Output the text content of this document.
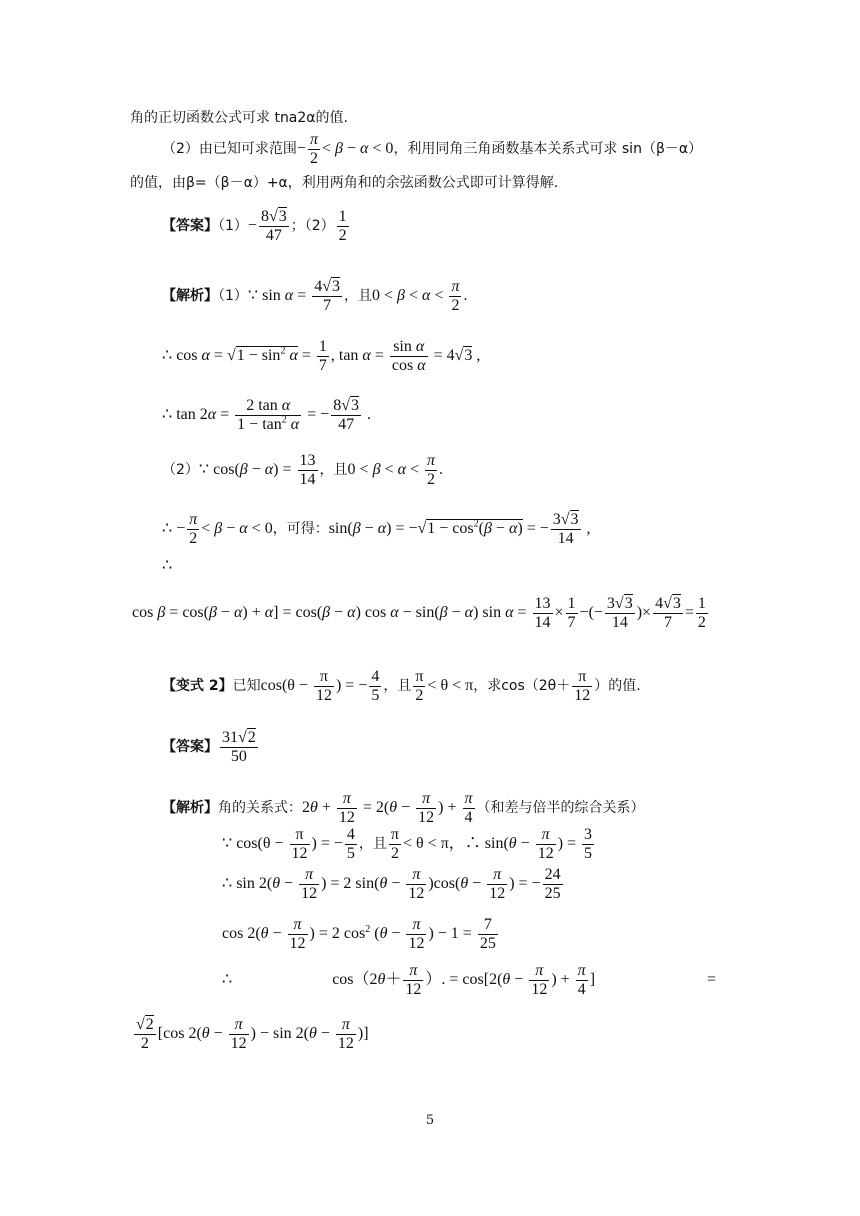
角的正切函数公式可求 tna2α的值.
（2）由已知可求范围− $\frac{\pi}{2} < \beta - \alpha < 0$，利用同角三角函数基本关系式可求 sin（β－α）
的值，由β=（β－α）+α，利用两角和的余弦函数公式即可计算得解.
【答案】$(1)- \frac{8√3}{47}$ ；$(2) \frac{1}{2}$
【解析】（1）∵ $\sin \alpha = \frac{4√3}{7}$ ，且$0 < \beta < \alpha < \frac{\pi}{2}$ .
∴ $\cos \alpha = √1 - \sin^2 \alpha = \frac{1}{7}$ , $\tan \alpha = \frac{\text{sin α}}{\text{cos α}} = 4√3$ ,
∴ $\tan 2\alpha = \frac{\text{2 tan α}}{1 - \tan^2 \alpha}$ = − $\frac{8√3}{47}$ .
（2）∵ $\cos(\beta - \alpha) = \frac{13}{14}$ ，且$0 < \beta < \alpha < \frac{\pi}{2}$ .
∴ − $\frac{\pi}{2} < \beta - \alpha < 0$，可得：$\sin(\beta - \alpha) = -√1 - \cos^2(\beta - \alpha)$ = − $\frac{3√3}{14}$ ,
∴
cos β = cos(β − α) + α] = cos(β − α) cos α − sin(β − α) $\sin \alpha = \frac{13}{14} \times \frac{1}{7}$ −(− $\frac{3√3}{14}$ )× $\frac{4√3}{7} = \frac{1}{2}$
【变式 2】已知$\cos(\theta - \frac{\pi}{12}$ ) = − $\frac{4}{5}$ ，且 $\frac{\pi}{2} < \theta < \pi$，求$\cos(2\theta+ \frac{\pi}{12}$ ）的值.
【答案】 $\frac{31√2}{50}$
【解析】角的关系式：$2\theta + \frac{\pi}{12} = 2(\theta - \frac{\pi}{12}$ ) + $\frac{\pi}{4}$ （和差与倍半的综合关系）
∵ $\cos(\theta - \frac{\pi}{12}$ ) = − $\frac{4}{5}$ ，且 $\frac{\pi}{2} < \theta < \pi$，∴ $\sin(\theta - \frac{\pi}{12}$ ) = $\frac{3}{5}$
∴ $\sin 2(\theta - \frac{\pi}{12}$ ) = 2 $\sin(\theta - \frac{\pi}{12} )\cos(\theta - \frac{\pi}{12}$ ) = − $\frac{24}{25}$
$\cos 2(\theta - \frac{\pi}{12}$ ) = 2 $\cos^2 (\theta - \frac{\pi}{12}$ ) − $1 = \frac{7}{25}$
∴	$\cos(2\theta+ \frac{\pi}{12}$ ）. = $\cos[2(\theta - \frac{\pi}{12}$ ) + $\frac{\pi}{4}$ ]	=
$\frac{√2}{2} [\cos$ $2(\theta - \frac{\pi}{12}$ ) − $\sin 2(\theta - \frac{\pi}{12}$ )]
5
